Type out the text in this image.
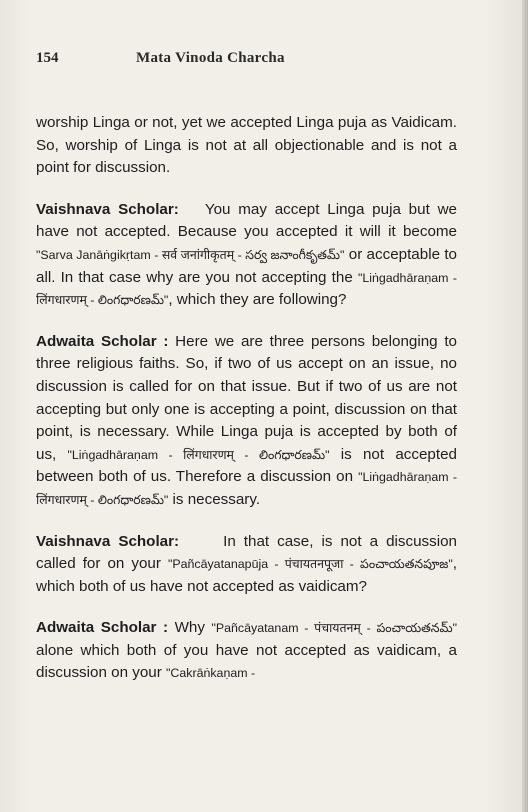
154	Mata Vinoda Charcha

worship Linga or not, yet we accepted Linga puja as Vaidicam. So, worship of Linga is not at all objectionable and is not a point for discussion.

Vaishnava Scholar: You may accept Linga puja but we have not accepted. Because you accepted it will it become "Sarva Janāṅgikṛtam - सर्व जनांगीकृतम् - సర్వ జనాంగీకృతమ్" or acceptable to all. In that case why are you not accepting the "Liṅgadhāraṇam - लिंगधारणम् - లింగధారణమ్", which they are following?

Adwaita Scholar : Here we are three persons belonging to three religious faiths. So, if two of us accept on an issue, no discussion is called for on that issue. But if two of us are not accepting but only one is accepting a point, discussion on that point, is necessary. While Linga puja is accepted by both of us, "Liṅgadhāraṇam - लिंगधारणम् - లింగధారణమ్" is not accepted between both of us. Therefore a discussion on "Liṅgadhāraṇam - लिंगधारणम् - లింగధారణమ్" is necessary.

Vaishnava Scholar:	In that case, is not a discussion called for on your "Pañcāyatanapūja - पंचायतनपूजा - పంచాయతనపూజ", which both of us have not accepted as vaidicam?

Adwaita Scholar : Why "Pañcāyatanam - पंचायतनम् - పంచాయతనమ్" alone which both of you have not accepted as vaidicam, a discussion on your "Cakrāṅkaṇam -
